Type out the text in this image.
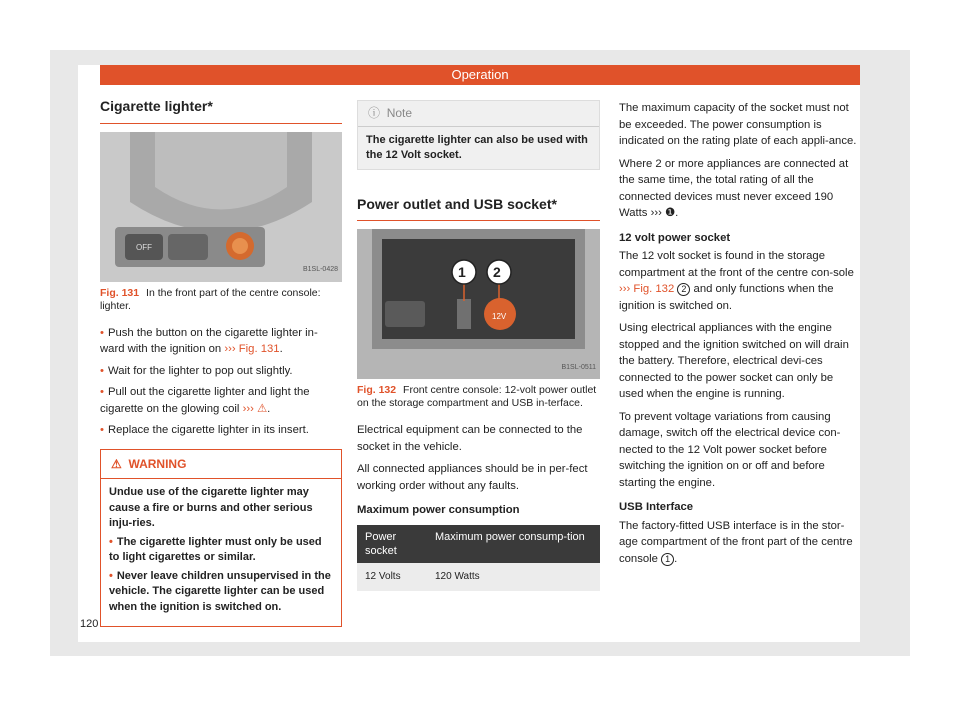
Operation
Cigarette lighter*
OFF
B1SL-0428
Fig. 131 In the front part of the centre console: lighter.
• Push the button on the cigarette lighter in-ward with the ignition on ››› Fig. 131.
• Wait for the lighter to pop out slightly.
• Pull out the cigarette lighter and light the cigarette on the glowing coil ››› ⚠.
• Replace the cigarette lighter in its insert.
⚠ WARNING
Undue use of the cigarette lighter may cause a fire or burns and other serious inju-ries.
• The cigarette lighter must only be used to light cigarettes or similar.
• Never leave children unsupervised in the vehicle. The cigarette lighter can be used when the ignition is switched on.
ⓘ Note
The cigarette lighter can also be used with the 12 Volt socket.
Power outlet and USB socket*
1 2
12V
B1SL-0511
Fig. 132 Front centre console: 12-volt power outlet on the storage compartment and USB in-terface.

Electrical equipment can be connected to the socket in the vehicle.

All connected appliances should be in per-fect working order without any faults.

Maximum power consumption

Power socket	Maximum power consump-tion
12 Volts	120 Watts

The maximum capacity of the socket must not be exceeded. The power consumption is indicated on the rating plate of each appli-ance.

Where 2 or more appliances are connected at the same time, the total rating of all the connected devices must never exceed 190 Watts ››› ❶.

12 volt power socket

The 12 volt socket is found in the storage compartment at the front of the centre con-sole ››› Fig. 132 2 and only functions when the ignition is switched on.

Using electrical appliances with the engine stopped and the ignition switched on will drain the battery. Therefore, electrical devi-ces connected to the power socket can only be used when the engine is running.

To prevent voltage variations from causing damage, switch off the electrical device con-nected to the 12 Volt power socket before switching the ignition on or off and before starting the engine.

USB Interface

The factory-fitted USB interface is in the stor-age compartment of the front part of the centre console 1 .

120
